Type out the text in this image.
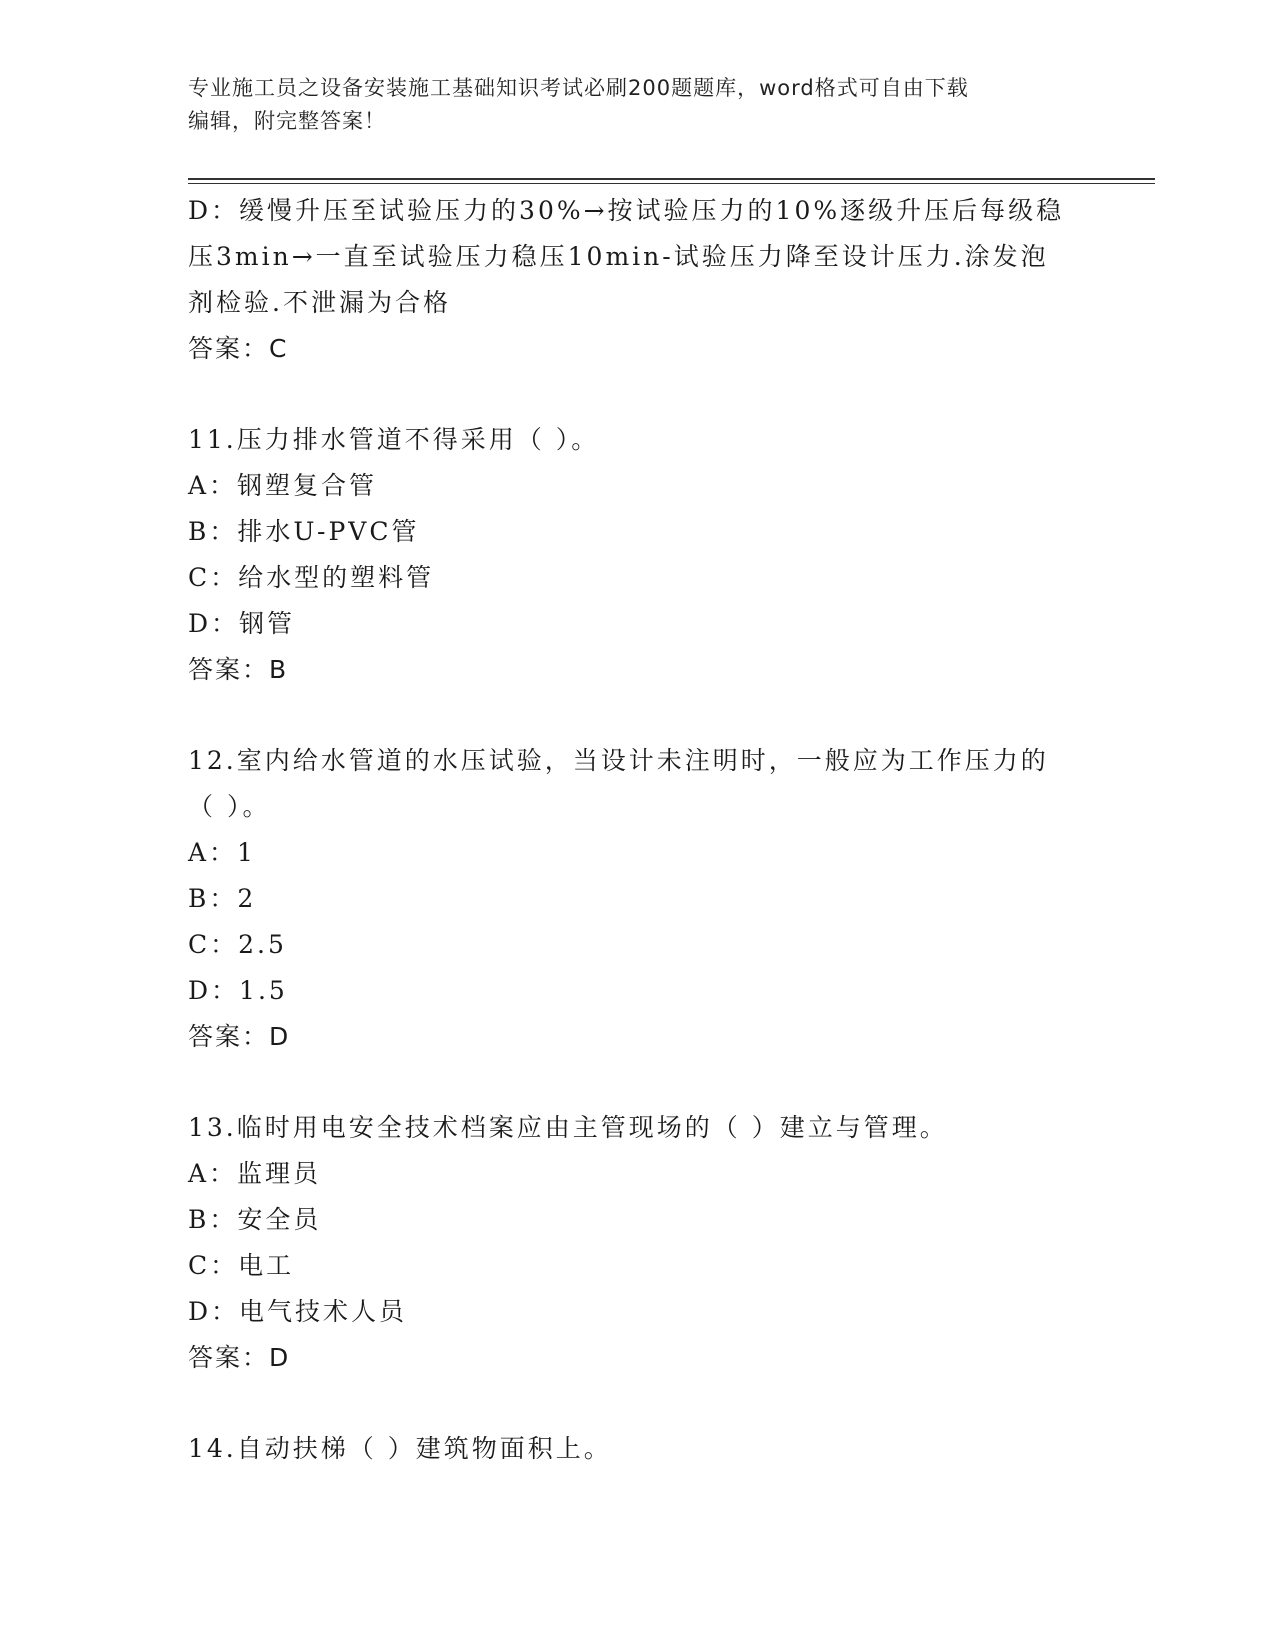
专业施工员之设备安装施工基础知识考试必刷200题题库，word格式可自由下载
编辑，附完整答案！
D：缓慢升压至试验压力的30%→按试验压力的10%逐级升压后每级稳
压3min→一直至试验压力稳压10min-试验压力降至设计压力.涂发泡
剂检验.不泄漏为合格
答案：C
11.压力排水管道不得采用（ ）。
A：钢塑复合管
B：排水U-PVC管
C：给水型的塑料管
D：钢管
答案：B
12.室内给水管道的水压试验，当设计未注明时，一般应为工作压力的
（ ）。
A：1
B：2
C：2.5
D：1.5
答案：D
13.临时用电安全技术档案应由主管现场的（ ）建立与管理。
A：监理员
B：安全员
C：电工
D：电气技术人员
答案：D
14.自动扶梯（ ）建筑物面积上。
